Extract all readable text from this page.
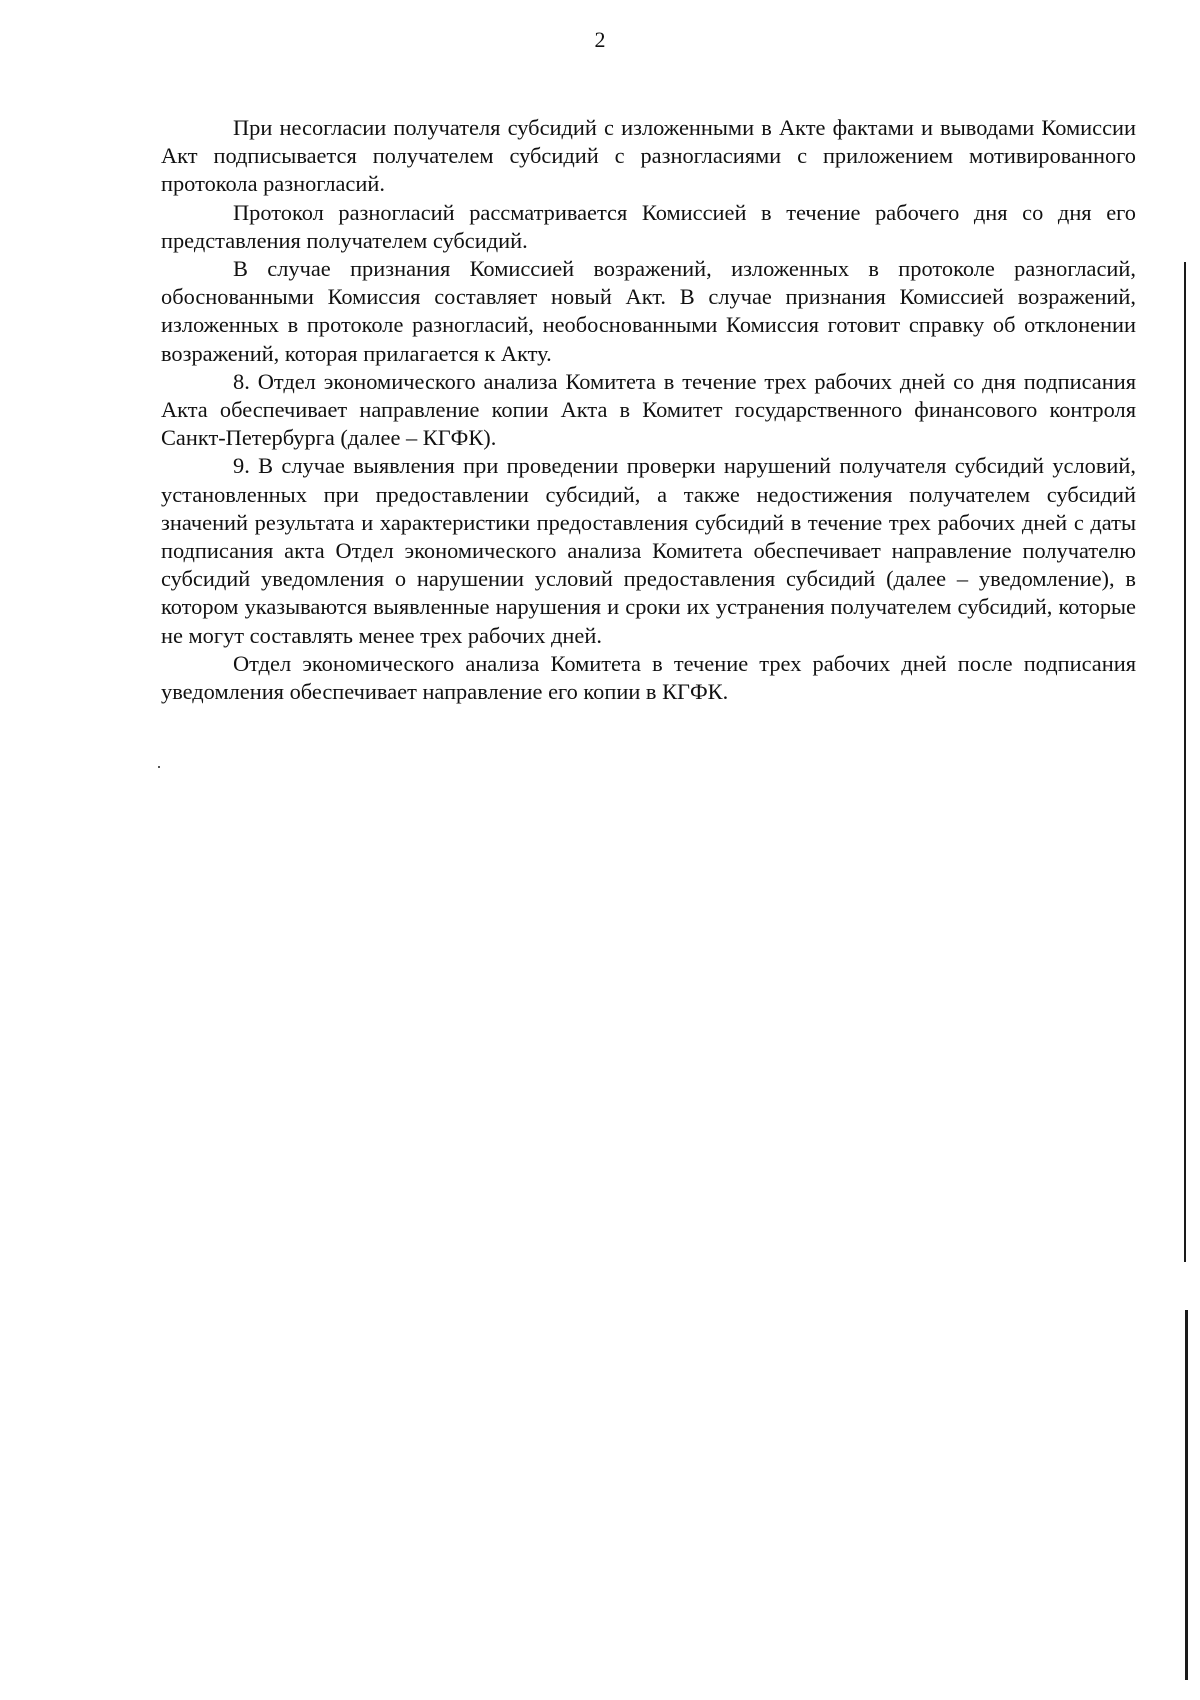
2

При несогласии получателя субсидий с изложенными в Акте фактами и выводами Комиссии Акт подписывается получателем субсидий с разногласиями с приложением мотивированного протокола разногласий.

Протокол разногласий рассматривается Комиссией в течение рабочего дня со дня его представления получателем субсидий.

В случае признания Комиссией возражений, изложенных в протоколе разногласий, обоснованными Комиссия составляет новый Акт. В случае признания Комиссией возражений, изложенных в протоколе разногласий, необоснованными Комиссия готовит справку об отклонении возражений, которая прилагается к Акту.

8. Отдел экономического анализа Комитета в течение трех рабочих дней со дня подписания Акта обеспечивает направление копии Акта в Комитет государственного финансового контроля Санкт-Петербурга (далее – КГФК).

9. В случае выявления при проведении проверки нарушений получателя субсидий условий, установленных при предоставлении субсидий, а также недостижения получателем субсидий значений результата и характеристики предоставления субсидий в течение трех рабочих дней с даты подписания акта Отдел экономического анализа Комитета обеспечивает направление получателю субсидий уведомления о нарушении условий предоставления субсидий (далее – уведомление), в котором указываются выявленные нарушения и сроки их устранения получателем субсидий, которые не могут составлять менее трех рабочих дней.

Отдел экономического анализа Комитета в течение трех рабочих дней после подписания уведомления обеспечивает направление его копии в КГФК.
